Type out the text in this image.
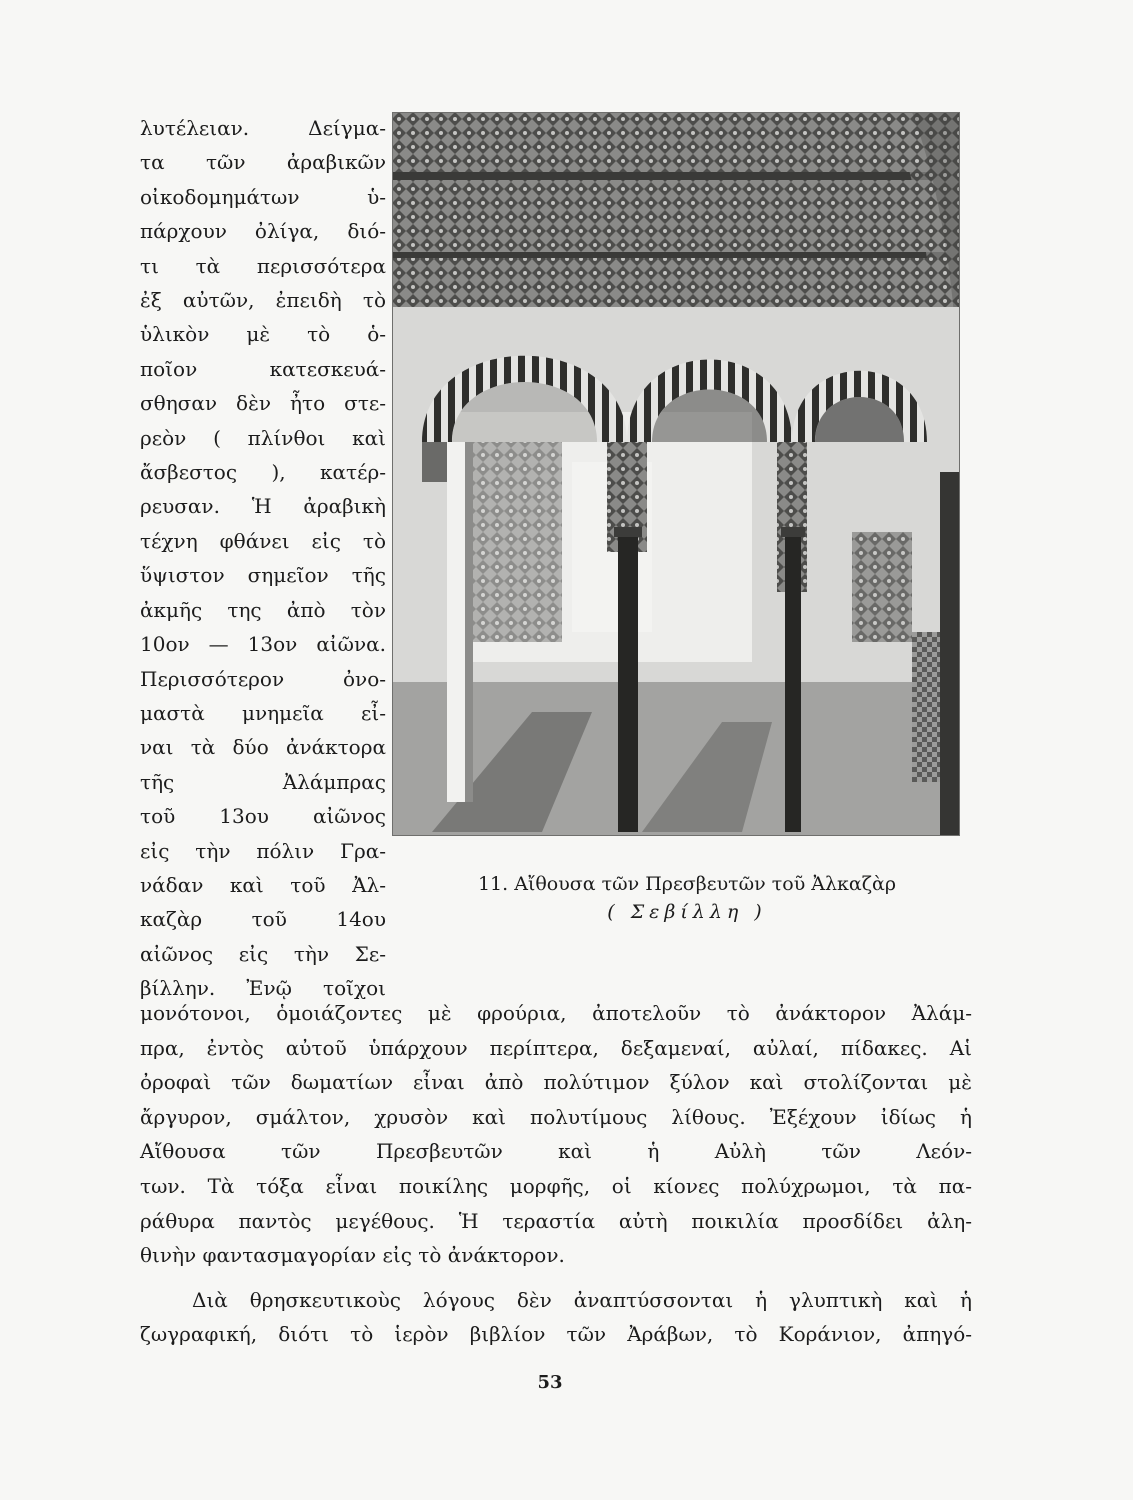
λυτέλειαν. Δείγμα-
τα τῶν ἀραβικῶν
οἰκοδομημάτων ὑ-
πάρχουν ὀλίγα, διό-
τι τὰ περισσότερα
ἐξ αὐτῶν, ἐπειδὴ τὸ
ὑλικὸν μὲ τὸ ὁ-
ποῖον κατεσκευά-
σθησαν δὲν ἦτο στε-
ρεὸν ( πλίνθοι καὶ
ἄσβεστος ), κατέρ-
ρευσαν. Ἡ ἀραβικὴ
τέχνη φθάνει εἰς τὸ
ὕψιστον σημεῖον τῆς
ἀκμῆς της ἀπὸ τὸν
10ον — 13ον αἰῶνα.
Περισσότερον ὀνο-
μαστὰ μνημεῖα εἶ-
ναι τὰ δύο ἀνάκτορα
τῆς Ἀλάμπρας
τοῦ 13ου αἰῶνος
εἰς τὴν πόλιν Γρα-
νάδαν καὶ τοῦ Ἀλ-
καζὰρ τοῦ 14ου
αἰῶνος εἰς τὴν Σε-
βίλλην. Ἐνῷ τοῖχοι
11. Αἴθουσα τῶν Πρεσβευτῶν τοῦ Ἀλκαζὰρ
( Σεβίλλη )
μονότονοι, ὁμοιάζοντες μὲ φρούρια, ἀποτελοῦν τὸ ἀνάκτορον Ἀλάμ-
πρα, ἐντὸς αὐτοῦ ὑπάρχουν περίπτερα, δεξαμεναί, αὐλαί, πίδακες. Αἱ
ὀροφαὶ τῶν δωματίων εἶναι ἀπὸ πολύτιμον ξύλον καὶ στολίζονται μὲ
ἄργυρον, σμάλτον, χρυσὸν καὶ πολυτίμους λίθους. Ἐξέχουν ἰδίως ἡ
Αἴθουσα τῶν Πρεσβευτῶν καὶ ἡ Αὐλὴ τῶν Λεόν-
των. Τὰ τόξα εἶναι ποικίλης μορφῆς, οἱ κίονες πολύχρωμοι, τὰ πα-
ράθυρα παντὸς μεγέθους. Ἡ τεραστία αὐτὴ ποικιλία προσδίδει ἀλη-
θινὴν φαντασμαγορίαν εἰς τὸ ἀνάκτορον.
Διὰ θρησκευτικοὺς λόγους δὲν ἀναπτύσσονται ἡ γλυπτικὴ καὶ ἡ
ζωγραφική, διότι τὸ ἱερὸν βιβλίον τῶν Ἀράβων, τὸ Κοράνιον, ἀπηγό-
53
